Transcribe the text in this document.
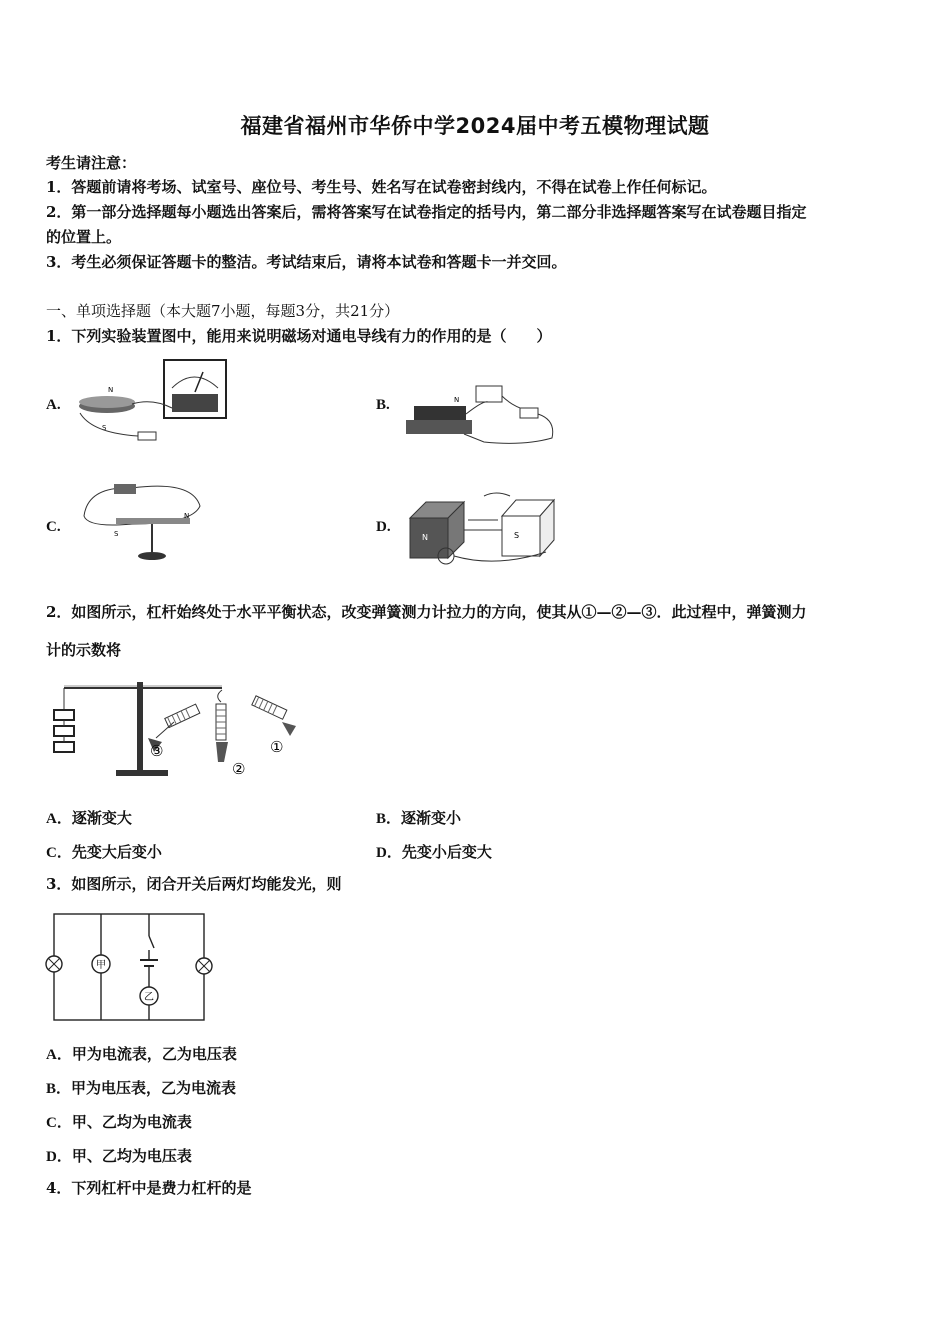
福建省福州市华侨中学2024届中考五模物理试题
考生请注意：
1．答题前请将考场、试室号、座位号、考生号、姓名写在试卷密封线内，不得在试卷上作任何标记。
2．第一部分选择题每小题选出答案后，需将答案写在试卷指定的括号内，第二部分非选择题答案写在试卷题目指定
的位置上。
3．考生必须保证答题卡的整洁。考试结束后，请将本试卷和答题卡一并交回。
一、单项选择题（本大题7小题，每题3分，共21分）
1．下列实验装置图中，能用来说明磁场对通电导线有力的作用的是（　　）
A.	B.
C.	D.
N
S
N
S
N
N	S
2．如图所示，杠杆始终处于水平平衡状态，改变弹簧测力计拉力的方向，使其从①—②—③．此过程中，弹簧测力
计的示数将
①
②
③
A．逐渐变大	B．逐渐变小
C．先变大后变小	D．先变小后变大
3．如图所示，闭合开关后两灯均能发光，则
甲
乙
A．甲为电流表，乙为电压表
B．甲为电压表，乙为电流表
C．甲、乙均为电流表
D．甲、乙均为电压表
4．下列杠杆中是费力杠杆的是
